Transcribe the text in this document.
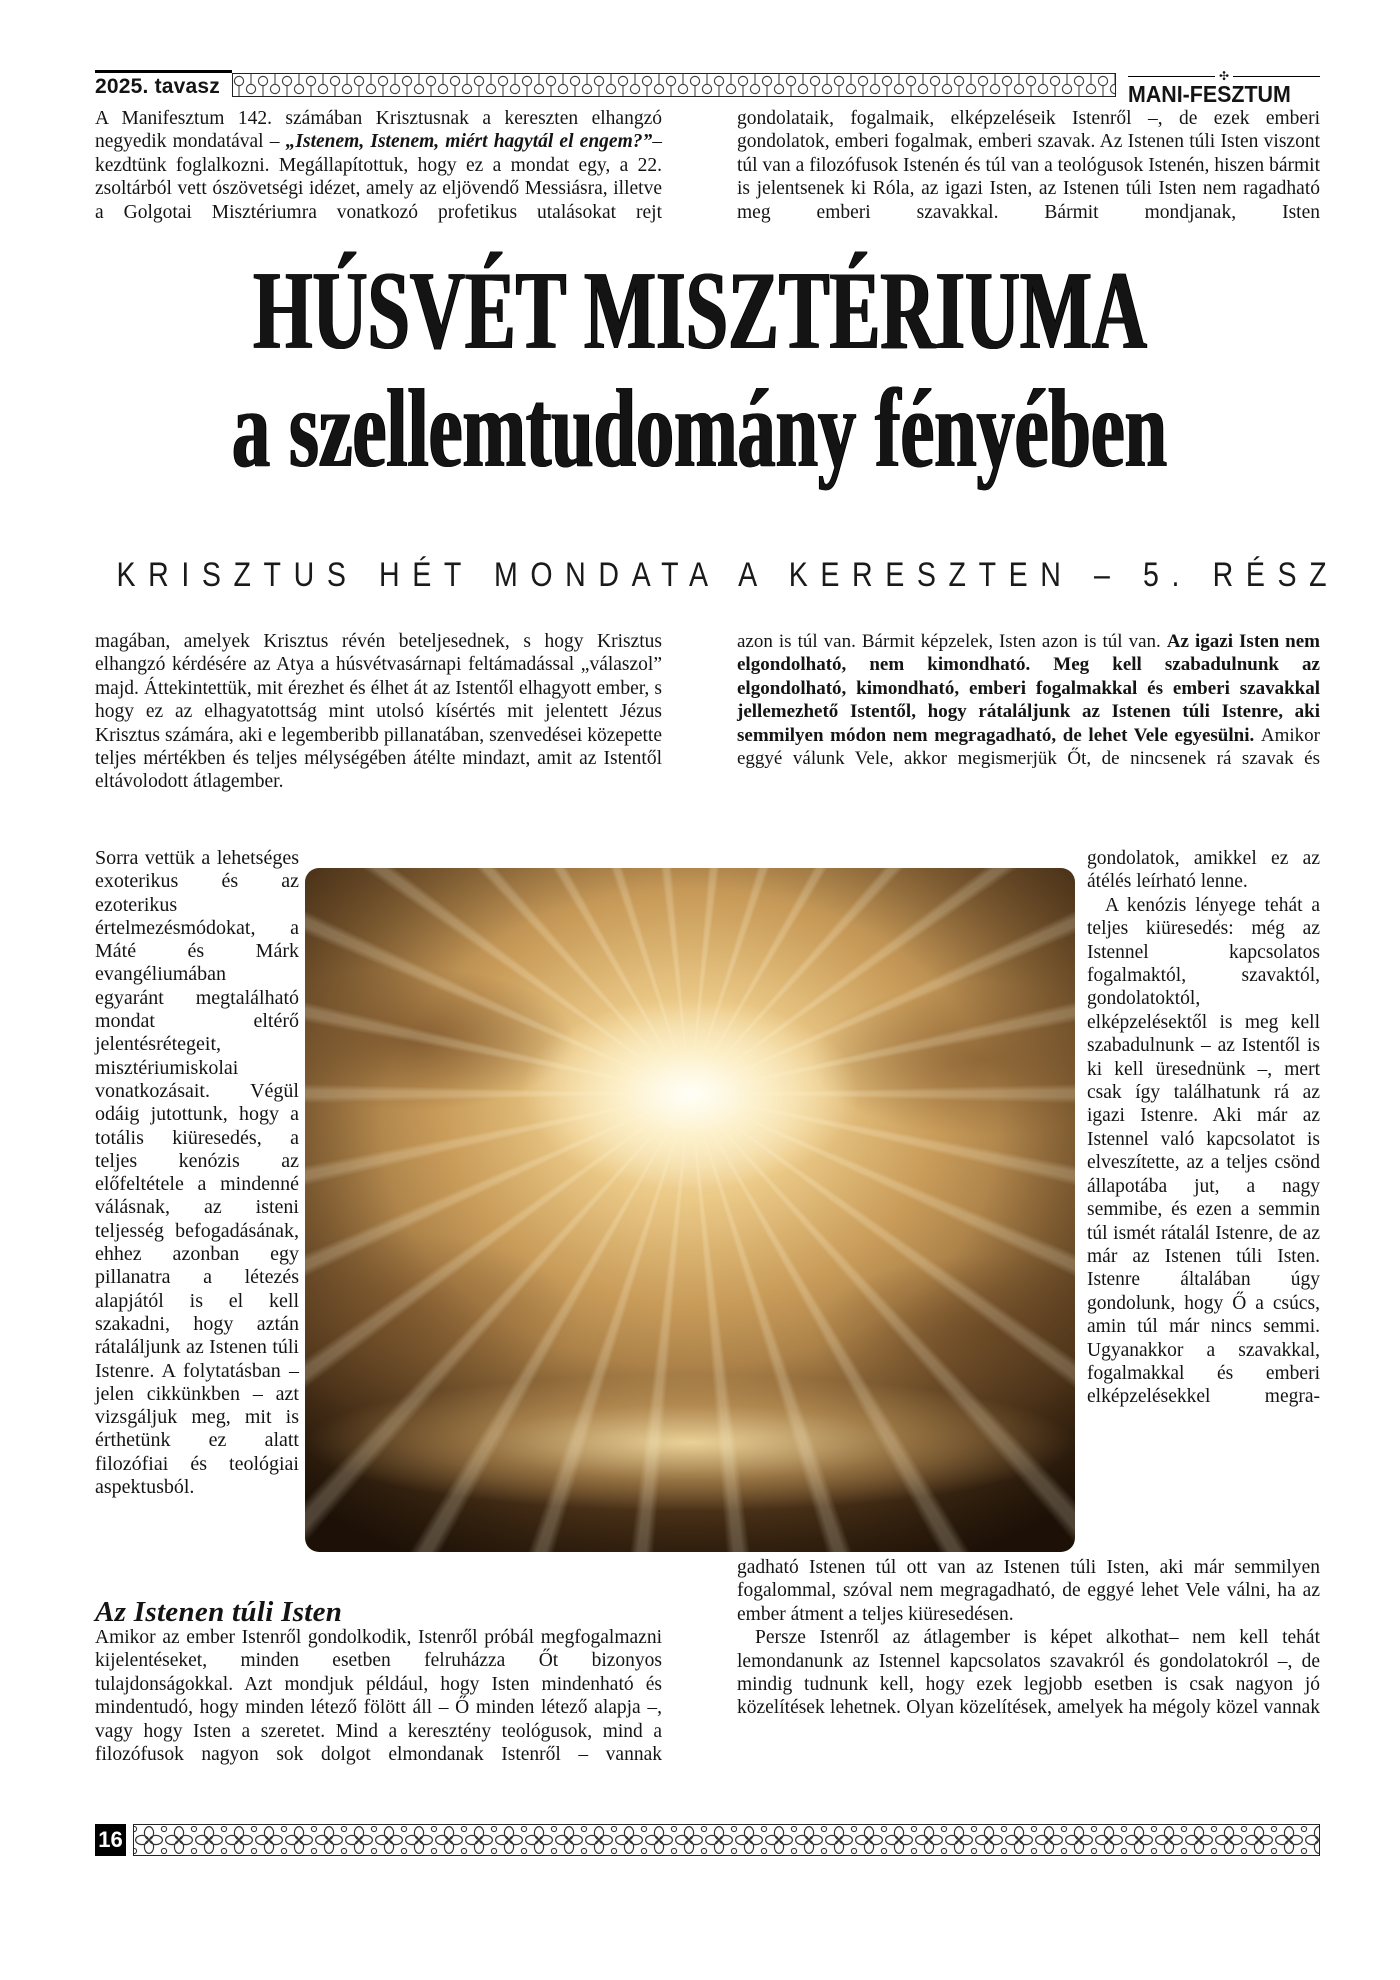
2025. tavasz	✣
MANI-FESZTUM

A Manifesztum 142. számában Krisztusnak a kereszten elhangzó negyedik mondatával – „Istenem, Istenem, miért hagytál el engem?”– kezdtünk foglalkozni. Megállapítottuk, hogy ez a mondat egy, a 22. zsoltárból vett ószövetségi idézet, amely az eljövendő Messiásra, illetve a Golgotai Misztériumra vonatkozó profetikus utalásokat rejt

gondolataik, fogalmaik, elképzeléseik Istenről –, de ezek emberi gondolatok, emberi fogalmak, emberi szavak. Az Istenen túli Isten viszont túl van a filozófusok Istenén és túl van a teológusok Istenén, hiszen bármit is jelentsenek ki Róla, az igazi Isten, az Istenen túli Isten nem ragadható meg emberi szavakkal. Bármit mondjanak, Isten

HÚSVÉT MISZTÉRIUMA
a szellemtudomány fényében
KRISZTUS HÉT MONDATA A KERESZTEN – 5. RÉSZ

magában, amelyek Krisztus révén beteljesednek, s hogy Krisztus elhangzó kérdésére az Atya a húsvétvasárnapi feltámadással „válaszol” majd. Áttekintettük, mit érezhet és élhet át az Istentől elhagyott ember, s hogy ez az elhagyatottság mint utolsó kísértés mit jelentett Jézus Krisztus számára, aki e legemberibb pillanatában, szenvedései közepette teljes mértékben és teljes mélységében átélte mindazt, amit az Istentől eltávolodott átlagember.

azon is túl van. Bármit képzelek, Isten azon is túl van. Az igazi Isten nem elgondolható, nem kimondható. Meg kell szabadulnunk az elgondolható, kimondható, emberi fogalmakkal és emberi szavakkal jellemezhető Istentől, hogy rátaláljunk az Istenen túli Istenre, aki semmilyen módon nem megragadható, de lehet Vele egyesülni. Amikor eggyé válunk Vele, akkor megismerjük Őt, de nincsenek rá szavak és

Sorra vettük a lehetséges exoterikus és az ezoterikus értelmezésmódokat, a Máté és Márk evangéliumában egyaránt megtalálható mondat eltérő jelentésrétegeit, misztériumiskolai vonatkozásait. Végül odáig jutottunk, hogy a totális kiüresedés, a teljes kenózis az előfeltétele a mindenné válásnak, az isteni teljesség befogadásának, ehhez azonban egy pillanatra a létezés alapjától is el kell szakadni, hogy aztán rátaláljunk az Istenen túli Istenre. A folytatásban – jelen cikkünkben – azt vizsgáljuk meg, mit is érthetünk ez alatt filozófiai és teológiai aspektusból.

gondolatok, amikkel ez az átélés leírható lenne.

A kenózis lényege tehát a teljes kiüresedés: még az Istennel kapcsolatos fogalmaktól, szavaktól, gondolatoktól, elképzelésektől is meg kell szabadulnunk – az Istentől is ki kell üresednünk –, mert csak így találhatunk rá az igazi Istenre. Aki már az Istennel való kapcsolatot is elveszítette, az a teljes csönd állapotába jut, a nagy semmibe, és ezen a semmin túl ismét rátalál Istenre, de az már az Istenen túli Isten. Istenre általában úgy gondolunk, hogy Ő a csúcs, amin túl már nincs semmi. Ugyanakkor a szavakkal, fogalmakkal és emberi elképzelésekkel megra-

Az Istenen túli Isten

Amikor az ember Istenről gondolkodik, Istenről próbál megfogalmazni kijelentéseket, minden esetben felruházza Őt bizonyos tulajdonságokkal. Azt mondjuk például, hogy Isten mindenható és mindentudó, hogy minden létező fölött áll – Ő minden létező alapja –, vagy hogy Isten a szeretet. Mind a keresztény teológusok, mind a filozófusok nagyon sok dolgot elmondanak Istenről – vannak

gadható Istenen túl ott van az Istenen túli Isten, aki már semmilyen fogalommal, szóval nem megragadható, de eggyé lehet Vele válni, ha az ember átment a teljes kiüresedésen.

Persze Istenről az átlagember is képet alkothat– nem kell tehát lemondanunk az Istennel kapcsolatos szavakról és gondolatokról –, de mindig tudnunk kell, hogy ezek legjobb esetben is csak nagyon jó közelítések lehetnek. Olyan közelítések, amelyek ha mégoly közel vannak

16
